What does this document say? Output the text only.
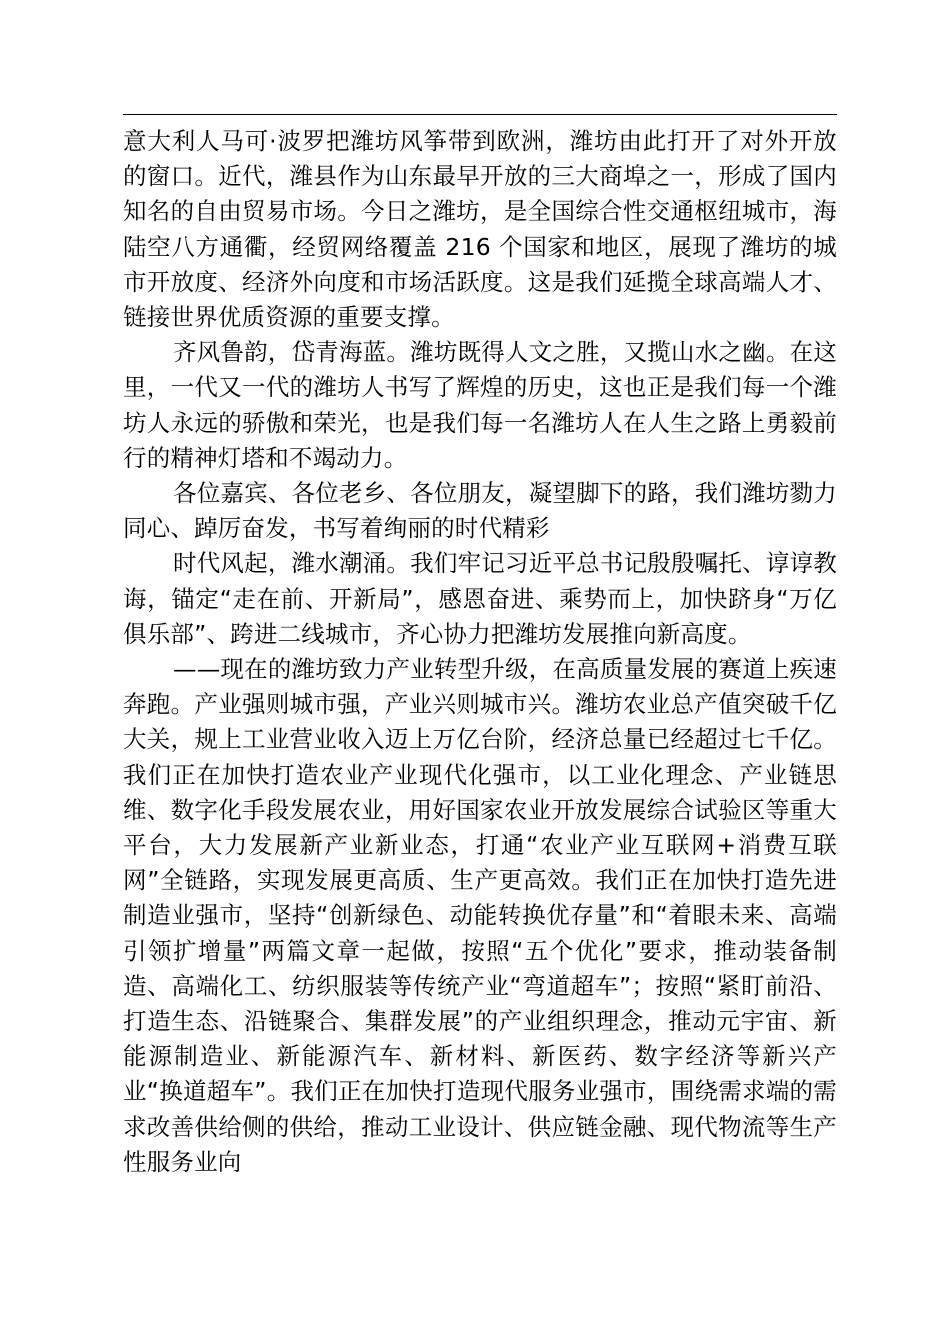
意大利人马可·波罗把潍坊风筝带到欧洲，潍坊由此打开了对外开放的窗口。近代，潍县作为山东最早开放的三大商埠之一，形成了国内知名的自由贸易市场。今日之潍坊，是全国综合性交通枢纽城市，海陆空八方通衢，经贸网络覆盖 216 个国家和地区，展现了潍坊的城市开放度、经济外向度和市场活跃度。这是我们延揽全球高端人才、链接世界优质资源的重要支撑。

齐风鲁韵，岱青海蓝。潍坊既得人文之胜，又揽山水之幽。在这里，一代又一代的潍坊人书写了辉煌的历史，这也正是我们每一个潍坊人永远的骄傲和荣光，也是我们每一名潍坊人在人生之路上勇毅前行的精神灯塔和不竭动力。

各位嘉宾、各位老乡、各位朋友，凝望脚下的路，我们潍坊勠力同心、踔厉奋发，书写着绚丽的时代精彩

时代风起，潍水潮涌。我们牢记习近平总书记殷殷嘱托、谆谆教诲，锚定“走在前、开新局”，感恩奋进、乘势而上，加快跻身“万亿俱乐部”、跨进二线城市，齐心协力把潍坊发展推向新高度。

——现在的潍坊致力产业转型升级，在高质量发展的赛道上疾速奔跑。产业强则城市强，产业兴则城市兴。潍坊农业总产值突破千亿大关，规上工业营业收入迈上万亿台阶，经济总量已经超过七千亿。我们正在加快打造农业产业现代化强市，以工业化理念、产业链思维、数字化手段发展农业，用好国家农业开放发展综合试验区等重大平台，大力发展新产业新业态，打通“农业产业互联网+消费互联网”全链路，实现发展更高质、生产更高效。我们正在加快打造先进制造业强市，坚持“创新绿色、动能转换优存量”和“着眼未来、高端引领扩增量”两篇文章一起做，按照“五个优化”要求，推动装备制造、高端化工、纺织服装等传统产业“弯道超车”；按照“紧盯前沿、打造生态、沿链聚合、集群发展”的产业组织理念，推动元宇宙、新能源制造业、新能源汽车、新材料、新医药、数字经济等新兴产业“换道超车”。我们正在加快打造现代服务业强市，围绕需求端的需求改善供给侧的供给，推动工业设计、供应链金融、现代物流等生产性服务业向
